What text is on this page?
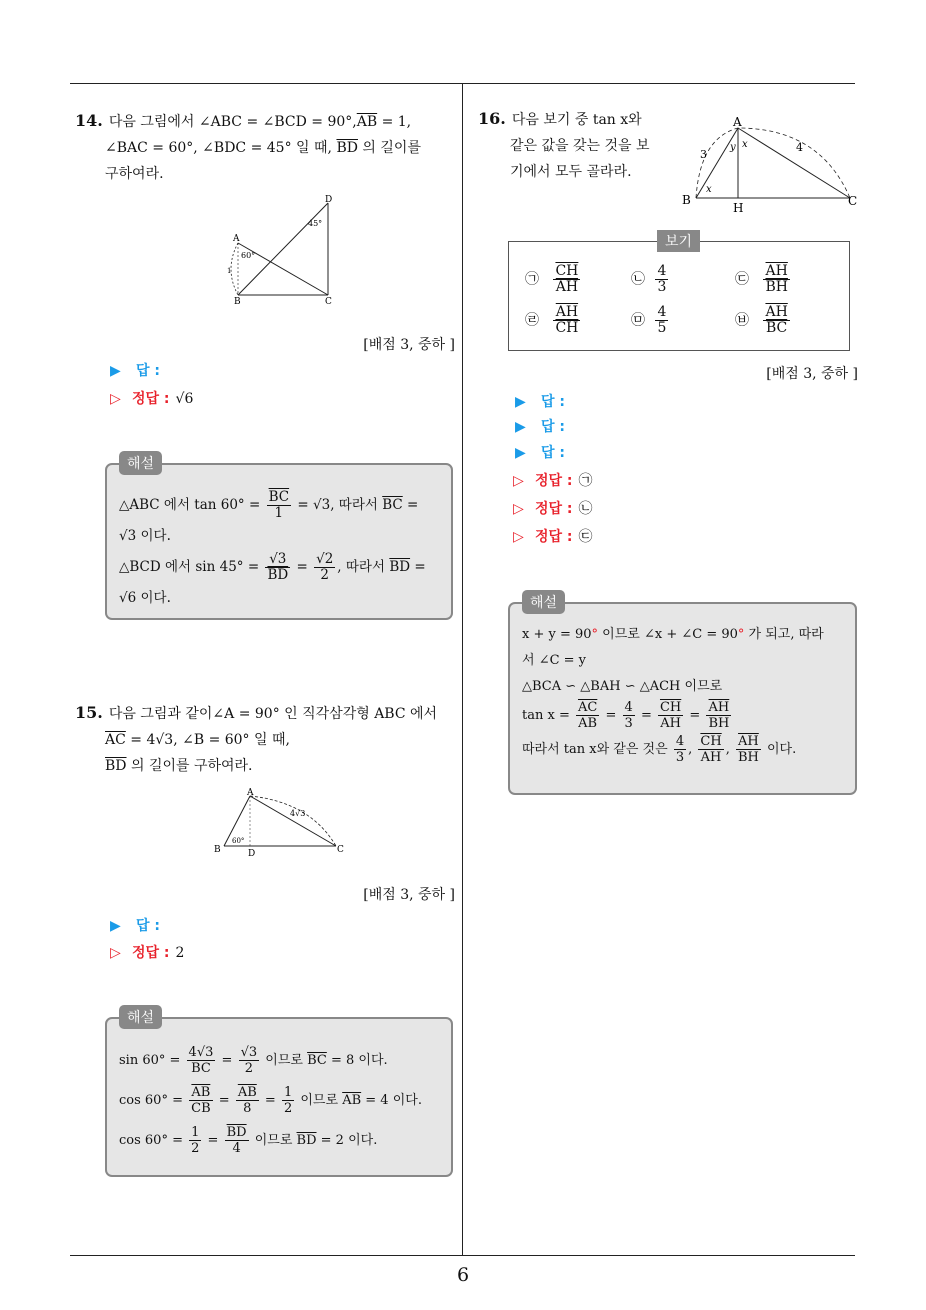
6
14. 다음 그림에서 ∠ABC = ∠BCD = $90^\circ,\overline{AB} = 1$,
∠BAC = 60°, ∠BDC = 45° 일 때, $\overline{BD}$ 의 길이를
구하여라.
A
B	C
D
60°
45°
1
[배점 3, 중하 ]
▶ 답 :
▷ 정답 : √6
해설
△ABC 에서 $\tan 60^\circ = \frac{\overline{BC}}{1} = √3$, 따라서 $\overline{BC}$ =
√3 이다.
△BCD 에서 $\sin 45^\circ = \frac{√3}{BD} = \frac{√2}{2}$ , 따라서 $\overline{BD}$ =
√6 이다.
15. 다음 그림과 같이∠A = 90° 인 직각삼각형 ABC 에서
$\overline{AC} = 4√3$, ∠B = 60° 일 때,
$\overline{BD}$ 의 길이를 구하여라.
A
B	C
D
60°
4√3
[배점 3, 중하 ]
▶ 답 :
▷ 정답 : 2
해설
$\sin 60^\circ = \frac{4√3}{BC} = \frac{√3}{2}$ 이므로 $\overline{BC} = 8$ 이다.
$\cos 60^\circ = \frac{\overline{AB}}{CB} = \frac{\overline{AB}}{8} = \frac{1}{2}$ 이므로 $\overline{AB} = 4$ 이다.
$\cos 60^\circ = \frac{1}{2} = \frac{\overline{BD}}{4}$ 이므로 $\overline{BD} = 2$ 이다.
16. 다음 보기 중 tan x와
같은 값을 갖는 것을 보
기에서 모두 골라라.
A
B	C
H
x
y x
3
4
보기
㉠ $\frac{\overline{CH}}{AH}$	㉡ $\frac{4}{3}$	㉢ $\frac{\overline{AH}}{BH}$
㉣ $\frac{\overline{AH}}{CH}$	㉤ $\frac{4}{5}$	㉥ $\frac{\overline{AH}}{BC}$
[배점 3, 중하 ]
▶ 답 :
▶ 답 :
▶ 답 :
▷ 정답 : ㉠
▷ 정답 : ㉡
▷ 정답 : ㉢
해설
x + y = 90° 이므로 ∠x + ∠C = 90° 가 되고, 따라
서 ∠C = y
△BCA ∽ △BAH ∽ △ACH 이므로
$\tan x = \frac{\overline{AC}}{AB} = \frac{4}{3} = \frac{\overline{CH}}{AH} = \frac{\overline{AH}}{BH}$
따라서 tan x와 같은 것은 $\frac{4}{3}$ , $\frac{\overline{CH}}{AH}$ , $\frac{\overline{AH}}{BH}$ 이다.
